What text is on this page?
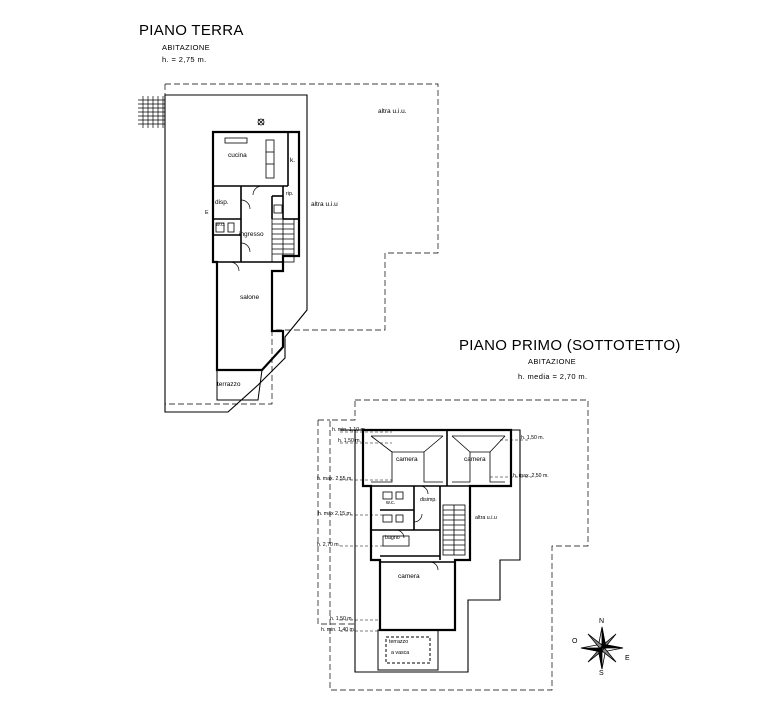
PIANO TERRA
ABITAZIONE
h. = 2,75 m.
cucina
k.
disp.
rip.
w.c.
ingresso
salone
terrazzo
altra u.i.u.
altra u.i.u
E
PIANO PRIMO (SOTTOTETTO)
ABITAZIONE
h. media = 2,70 m.
camera	camera
w.c.	disimp.
bagno
camera
terrazzo
a vasca
altra u.i.u
h. min. 1,10 m.
h. 1,50 m.	h. 1,50 m.
h. max. 2,50 m.
h. max. 2,55 m.
h. max 2,15 m.
h. 2,70 m.
h. 1,50 m.
h. min. 1,40 m.
N
S
E
O
